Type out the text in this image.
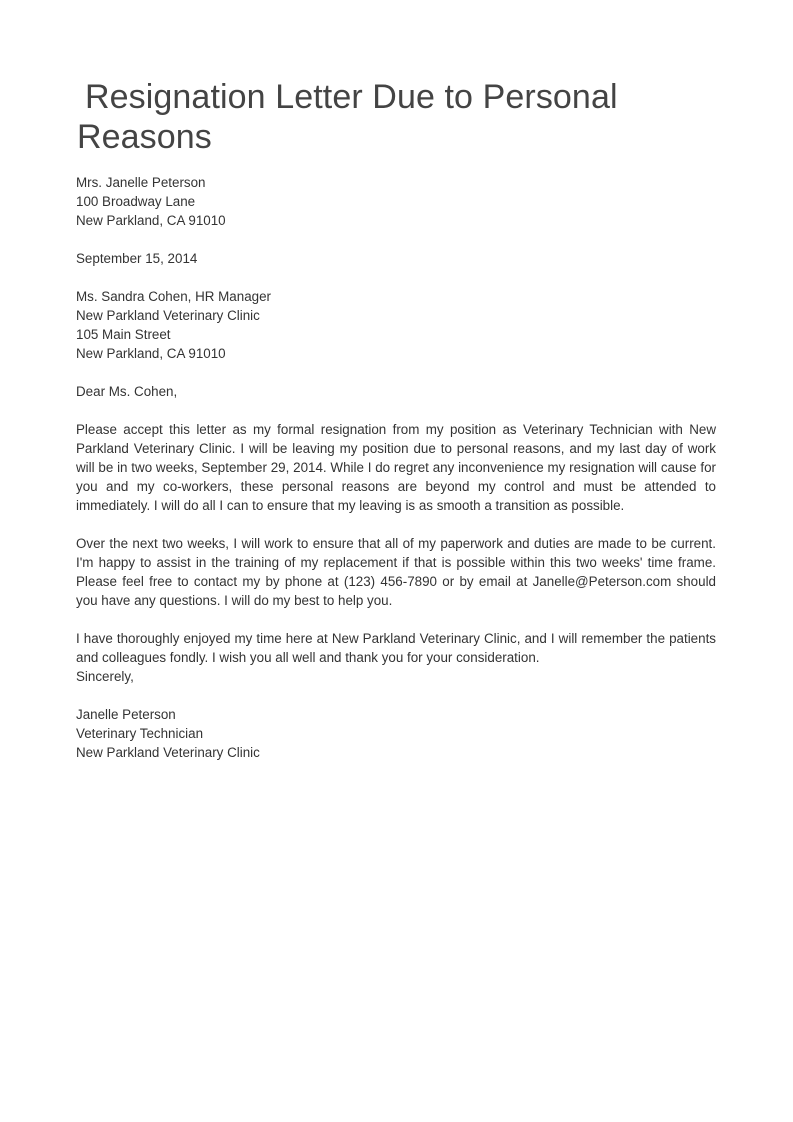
Resignation Letter Due to Personal Reasons
Mrs. Janelle Peterson
100 Broadway Lane
New Parkland, CA 91010
September 15, 2014
Ms. Sandra Cohen, HR Manager
New Parkland Veterinary Clinic
105 Main Street
New Parkland, CA 91010
Dear Ms. Cohen,

Please accept this letter as my formal resignation from my position as Veterinary Technician with New Parkland Veterinary Clinic. I will be leaving my position due to personal reasons, and my last day of work will be in two weeks, September 29, 2014. While I do regret any inconvenience my resignation will cause for you and my co-workers, these personal reasons are beyond my control and must be attended to immediately. I will do all I can to ensure that my leaving is as smooth a transition as possible.

Over the next two weeks, I will work to ensure that all of my paperwork and duties are made to be current. I'm happy to assist in the training of my replacement if that is possible within this two weeks' time frame. Please feel free to contact my by phone at (123) 456-7890 or by email at Janelle@Peterson.com should you have any questions. I will do my best to help you.

I have thoroughly enjoyed my time here at New Parkland Veterinary Clinic, and I will remember the patients and colleagues fondly. I wish you all well and thank you for your consideration.

Sincerely,
Janelle Peterson
Veterinary Technician
New Parkland Veterinary Clinic
